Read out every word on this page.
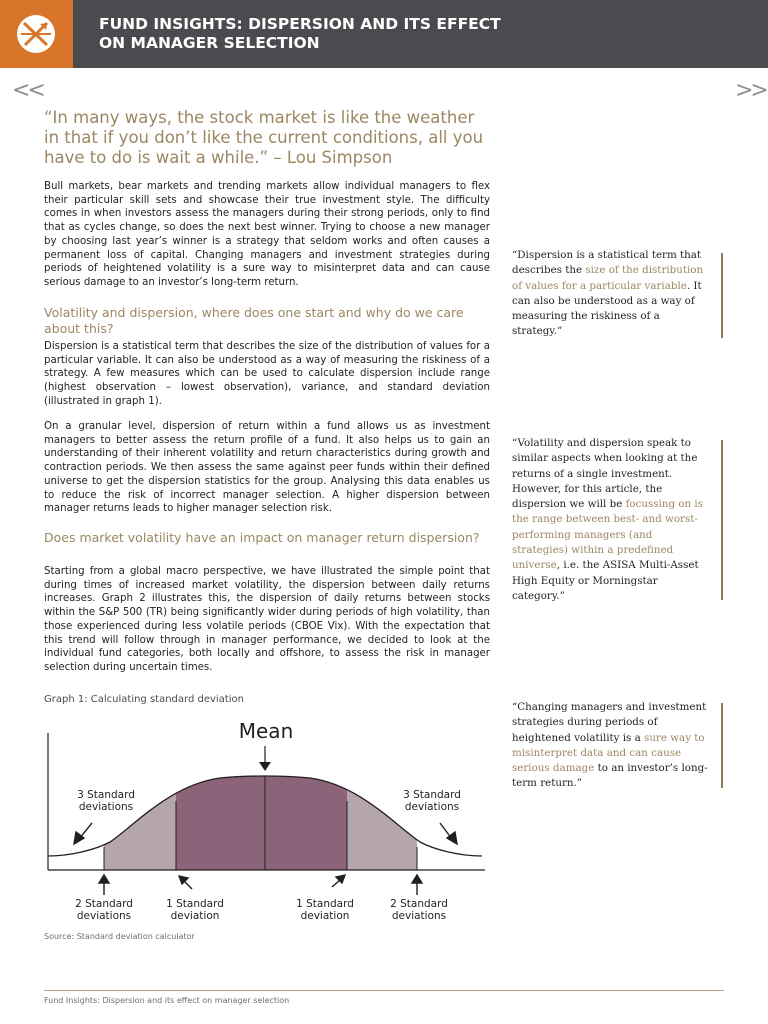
FUND INSIGHTS: DISPERSION AND ITS EFFECT
ON MANAGER SELECTION
<<	>>

“In many ways, the stock market is like the weather in that if you don’t like the current conditions, all you have to do is wait a while.” – Lou Simpson

Bull markets, bear markets and trending markets allow individual managers to flex their particular skill sets and showcase their true investment style. The difficulty comes in when investors assess the managers during their strong periods, only to find that as cycles change, so does the next best winner. Trying to choose a new manager by choosing last year’s winner is a strategy that seldom works and often causes a permanent loss of capital. Changing managers and investment strategies during periods of heightened volatility is a sure way to misinterpret data and can cause serious damage to an investor’s long-term return.

Volatility and dispersion, where does one start and why do we care about this?

Dispersion is a statistical term that describes the size of the distribution of values for a particular variable. It can also be understood as a way of measuring the riskiness of a strategy. A few measures which can be used to calculate dispersion include range (highest observation – lowest observation), variance, and standard deviation (illustrated in graph 1).

On a granular level, dispersion of return within a fund allows us as investment managers to better assess the return profile of a fund. It also helps us to gain an understanding of their inherent volatility and return characteristics during growth and contraction periods. We then assess the same against peer funds within their defined universe to get the dispersion statistics for the group. Analysing this data enables us to reduce the risk of incorrect manager selection. A higher dispersion between manager returns leads to higher manager selection risk.

Does market volatility have an impact on manager return dispersion?

Starting from a global macro perspective, we have illustrated the simple point that during times of increased market volatility, the dispersion between daily returns increases. Graph 2 illustrates this, the dispersion of daily returns between stocks within the S&P 500 (TR) being significantly wider during periods of high volatility, than those experienced during less volatile periods (CBOE Vix). With the expectation that this trend will follow through in manager performance, we decided to look at the individual fund categories, both locally and offshore, to assess the risk in manager selection during uncertain times.

“Dispersion is a statistical term that describes the size of the distribution of values for a particular variable. It can also be understood as a way of measuring the riskiness of a strategy.”

“Volatility and dispersion speak to similar aspects when looking at the returns of a single investment. However, for this article, the dispersion we will be focussing on is the range between best- and worst-performing managers (and strategies) within a predefined universe, i.e. the ASISA Multi-Asset High Equity or Morningstar category.”

“Changing managers and investment strategies during periods of heightened volatility is a sure way to misinterpret data and can cause serious damage to an investor’s long-term return.”

Graph 1: Calculating standard deviation

Mean
3 Standard
deviations
3 Standard
deviations
2 Standard
deviations
1 Standard
deviation
1 Standard
deviation
2 Standard
deviations

Source: Standard deviation calculator

Fund Insights: Dispersion and its effect on manager selection
